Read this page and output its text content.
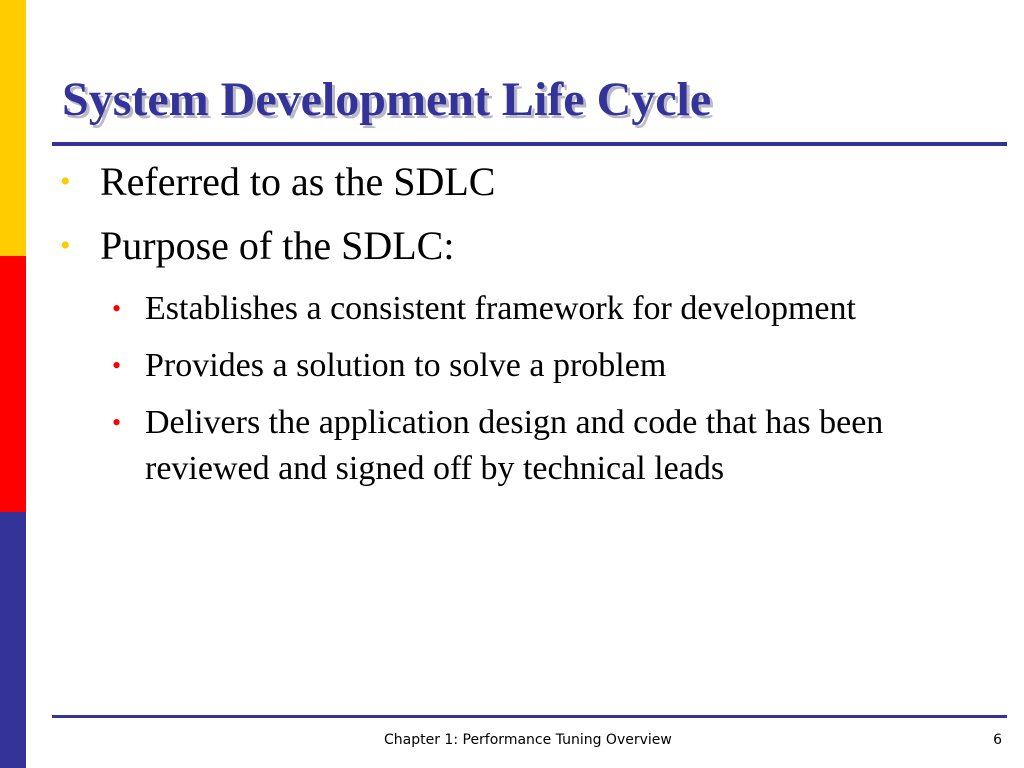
System Development Life Cycle
• Referred to as the SDLC
• Purpose of the SDLC:
• Establishes a consistent framework for development
• Provides a solution to solve a problem
• Delivers the application design and code that has been reviewed and signed off by technical leads
Chapter 1: Performance Tuning Overview	6
